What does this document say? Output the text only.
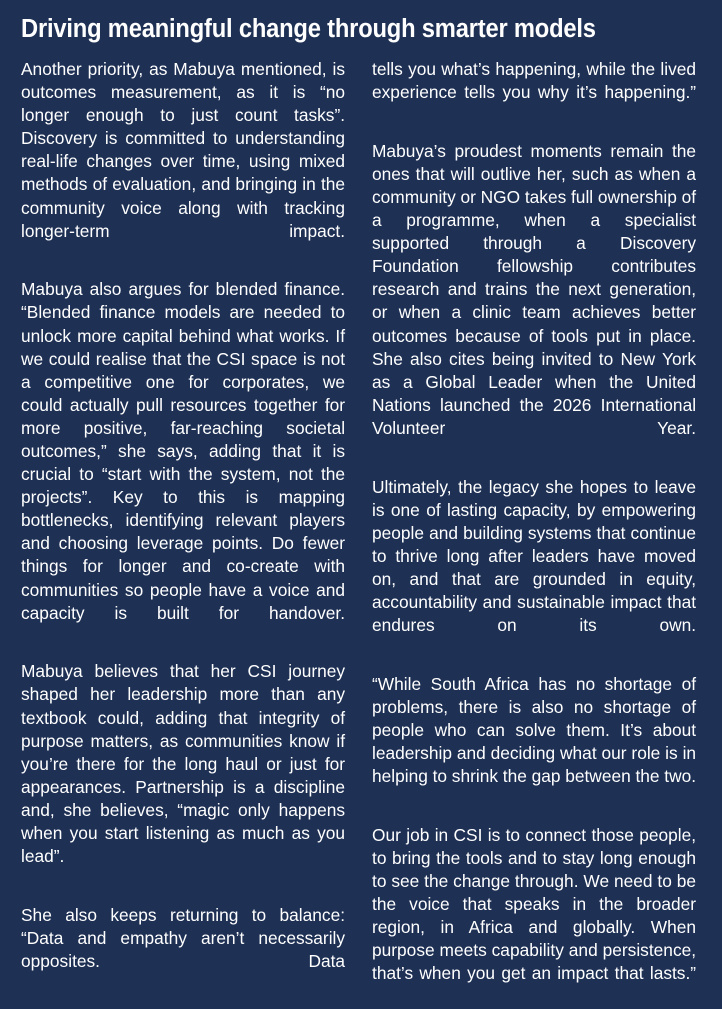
Driving meaningful change through smarter models

Another priority, as Mabuya mentioned, is outcomes measurement, as it is “no longer enough to just count tasks”. Discovery is committed to understanding real-life changes over time, using mixed methods of evaluation, and bringing in the community voice along with tracking longer-term impact.

Mabuya also argues for blended finance. “Blended finance models are needed to unlock more capital behind what works. If we could realise that the CSI space is not a competitive one for corporates, we could actually pull resources together for more positive, far-reaching societal outcomes,” she says, adding that it is crucial to “start with the system, not the projects”. Key to this is mapping bottlenecks, identifying relevant players and choosing leverage points. Do fewer things for longer and co-create with communities so people have a voice and capacity is built for handover.

Mabuya believes that her CSI journey shaped her leadership more than any textbook could, adding that integrity of purpose matters, as communities know if you’re there for the long haul or just for appearances. Partnership is a discipline and, she believes, “magic only happens when you start listening as much as you lead”.

She also keeps returning to balance: “Data and empathy aren’t necessarily opposites. Data

tells you what’s happening, while the lived experience tells you why it’s happening.”

Mabuya’s proudest moments remain the ones that will outlive her, such as when a community or NGO takes full ownership of a programme, when a specialist supported through a Discovery Foundation fellowship contributes research and trains the next generation, or when a clinic team achieves better outcomes because of tools put in place. She also cites being invited to New York as a Global Leader when the United Nations launched the 2026 International Volunteer Year.

Ultimately, the legacy she hopes to leave is one of lasting capacity, by empowering people and building systems that continue to thrive long after leaders have moved on, and that are grounded in equity, accountability and sustainable impact that endures on its own.

“While South Africa has no shortage of problems, there is also no shortage of people who can solve them. It’s about leadership and deciding what our role is in helping to shrink the gap between the two.

Our job in CSI is to connect those people, to bring the tools and to stay long enough to see the change through. We need to be the voice that speaks in the broader region, in Africa and globally. When purpose meets capability and persistence, that’s when you get an impact that lasts.”
